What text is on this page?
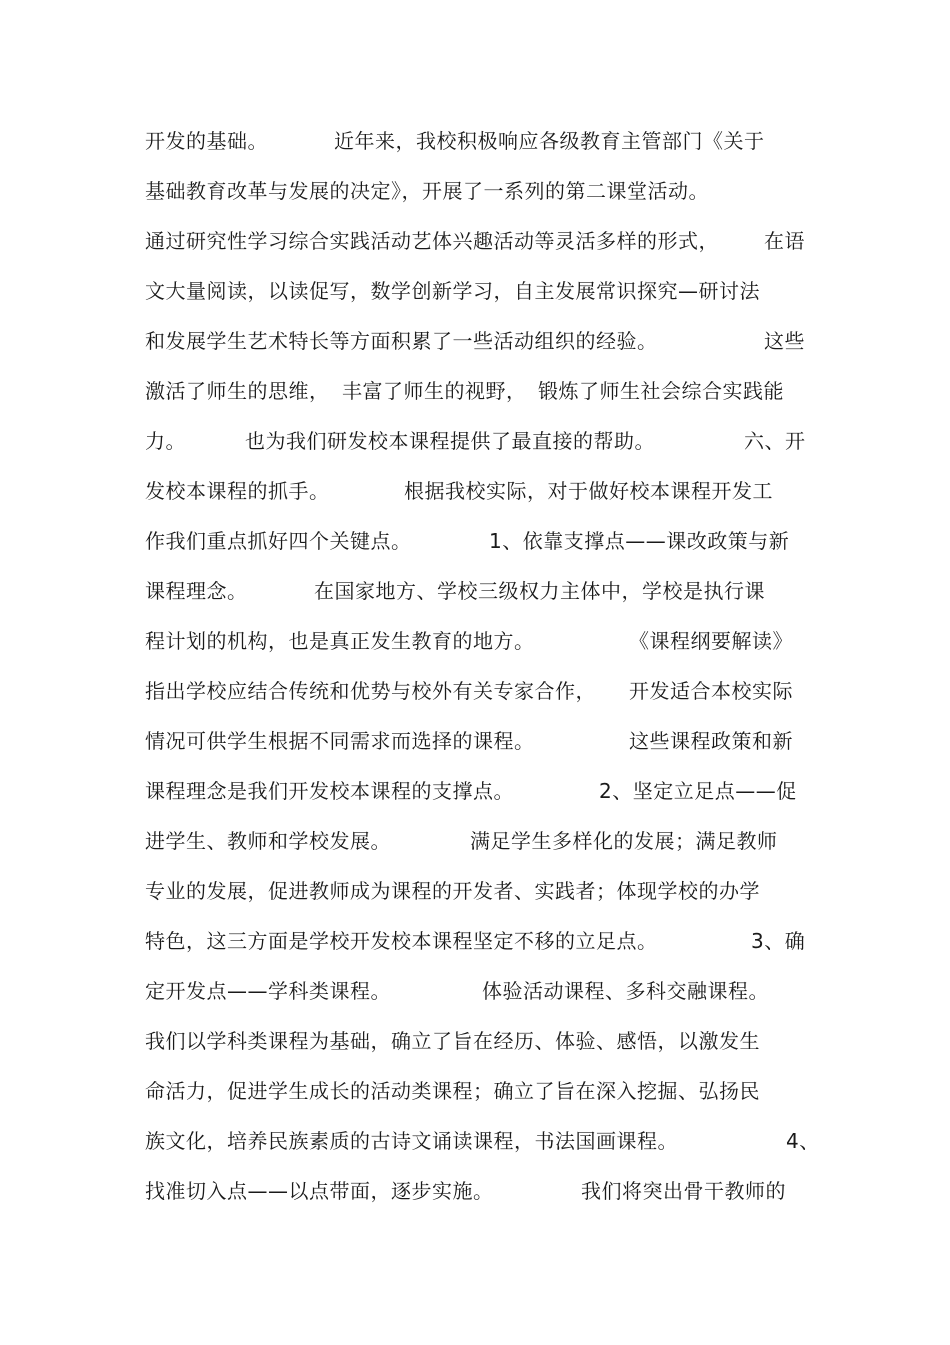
开发的基础。	近年来，我校积极响应各级教育主管部门《关于
基础教育改革与发展的决定》，开展了一系列的第二课堂活动。
通过研究性学习综合实践活动艺体兴趣活动等灵活多样的形式， 在语
文大量阅读，以读促写，数学创新学习，自主发展常识探究—研讨法
和发展学生艺术特长等方面积累了一些活动组织的经验。	这些
激活了师生的思维， 丰富了师生的视野， 锻炼了师生社会综合实践能
力。	也为我们研发校本课程提供了最直接的帮助。	六、开
发校本课程的抓手。	根据我校实际，对于做好校本课程开发工
作我们重点抓好四个关键点。	1、依靠支撑点——课改政策与新
课程理念。	在国家地方、学校三级权力主体中，学校是执行课
程计划的机构，也是真正发生教育的地方。	《课程纲要解读》
指出学校应结合传统和优势与校外有关专家合作， 开发适合本校实际
情况可供学生根据不同需求而选择的课程。	这些课程政策和新
课程理念是我们开发校本课程的支撑点。	2、坚定立足点——促
进学生、教师和学校发展。	满足学生多样化的发展；满足教师
专业的发展，促进教师成为课程的开发者、实践者；体现学校的办学
特色，这三方面是学校开发校本课程坚定不移的立足点。	3、确
定开发点——学科类课程。	体验活动课程、多科交融课程。
我们以学科类课程为基础，确立了旨在经历、体验、感悟，以激发生
命活力，促进学生成长的活动类课程；确立了旨在深入挖掘、弘扬民
族文化，培养民族素质的古诗文诵读课程，书法国画课程。	4、
找准切入点——以点带面，逐步实施。	我们将突出骨干教师的
